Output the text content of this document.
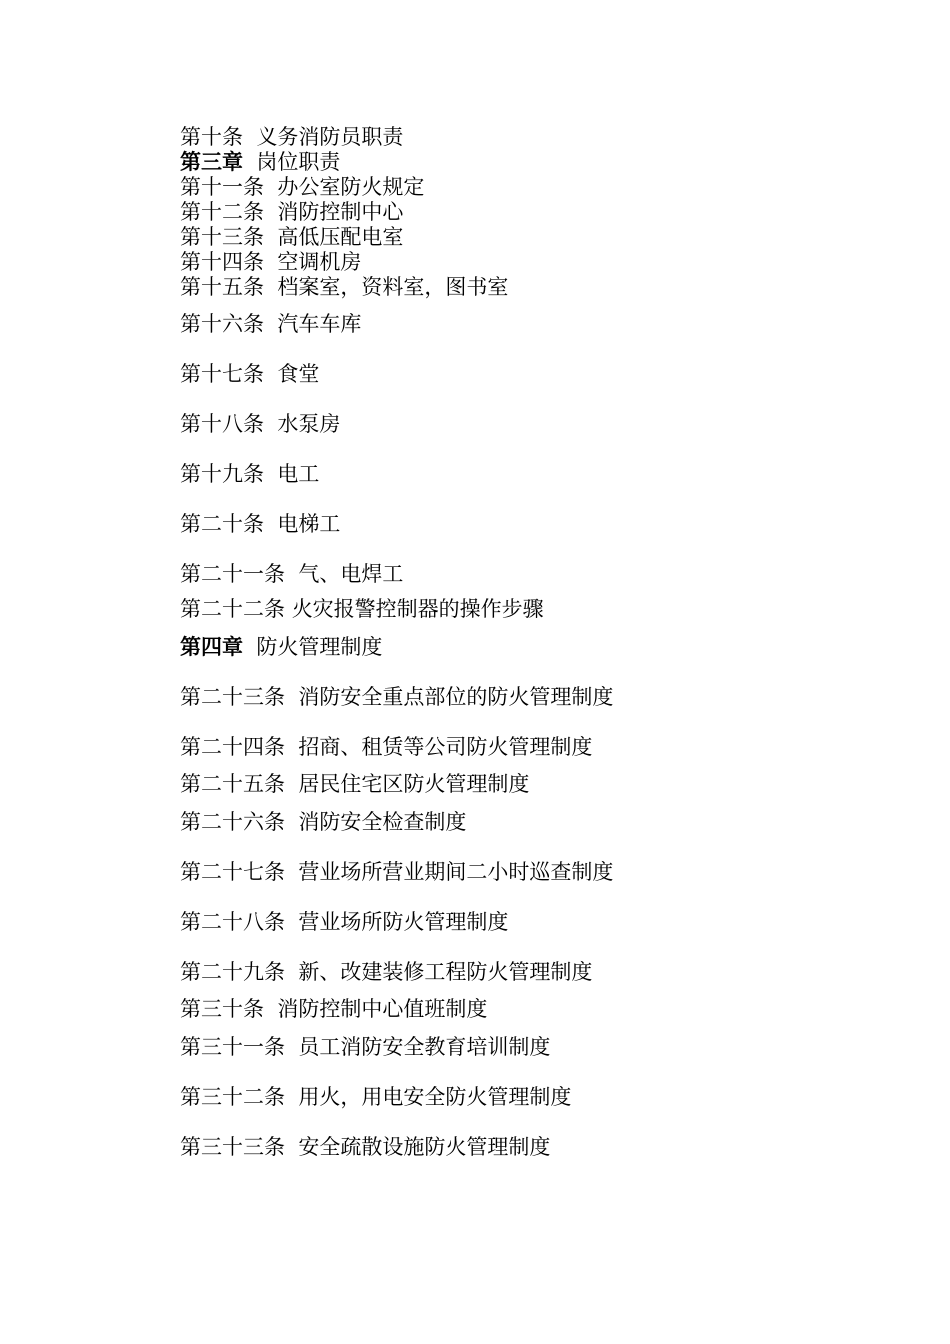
第十条 义务消防员职责
第三章 岗位职责
第十一条 办公室防火规定
第十二条 消防控制中心
第十三条 高低压配电室
第十四条 空调机房
第十五条 档案室，资料室，图书室
第十六条 汽车车库
第十七条 食堂
第十八条 水泵房
第十九条 电工
第二十条 电梯工
第二十一条 气、电焊工
第二十二条 火灾报警控制器的操作步骤
第四章 防火管理制度
第二十三条 消防安全重点部位的防火管理制度
第二十四条 招商、租赁等公司防火管理制度
第二十五条 居民住宅区防火管理制度
第二十六条 消防安全检查制度
第二十七条 营业场所营业期间二小时巡查制度
第二十八条 营业场所防火管理制度
第二十九条 新、改建装修工程防火管理制度
第三十条 消防控制中心值班制度
第三十一条 员工消防安全教育培训制度
第三十二条 用火，用电安全防火管理制度
第三十三条 安全疏散设施防火管理制度
